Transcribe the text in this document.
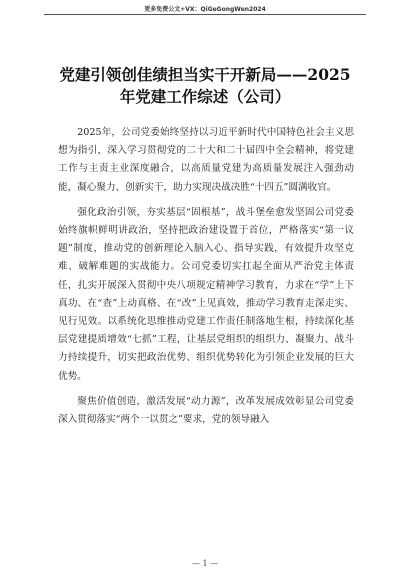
更多免费公文+VX：QiGeGongWen2024
党建引领创佳绩担当实干开新局——2025
年党建工作综述（公司）

2025年，公司党委始终坚持以习近平新时代中国特色社会主义思想为指引，深入学习贯彻党的二十大和二十届四中全会精神，将党建工作与主责主业深度融合，以高质量党建为高质量发展注入强劲动能，凝心聚力、创新实干，助力实现决战决胜“十四五”圆满收官。

强化政治引领，夯实基层“固根基”，战斗堡垒愈发坚固公司党委始终旗帜鲜明讲政治，坚持把政治建设置于首位，严格落实“第一议题”制度，推动党的创新理论入脑入心、指导实践，有效提升攻坚克难、破解难题的实战能力。公司党委切实扛起全面从严治党主体责任，扎实开展深入贯彻中央八项规定精神学习教育，力求在“学”上下真功、在“查”上动真格、在“改”上见真效，推动学习教育走深走实、见行见效。以系统化思维推动党建工作责任制落地生根，持续深化基层党建提质增效“七抓”工程，让基层党组织的组织力、凝聚力、战斗力持续提升，切实把政治优势、组织优势转化为引领企业发展的巨大优势。

聚焦价值创造，激活发展“动力源”，改革发展成效彰显公司党委深入贯彻落实“两个一以贯之”要求，党的领导融入

— 1 —
